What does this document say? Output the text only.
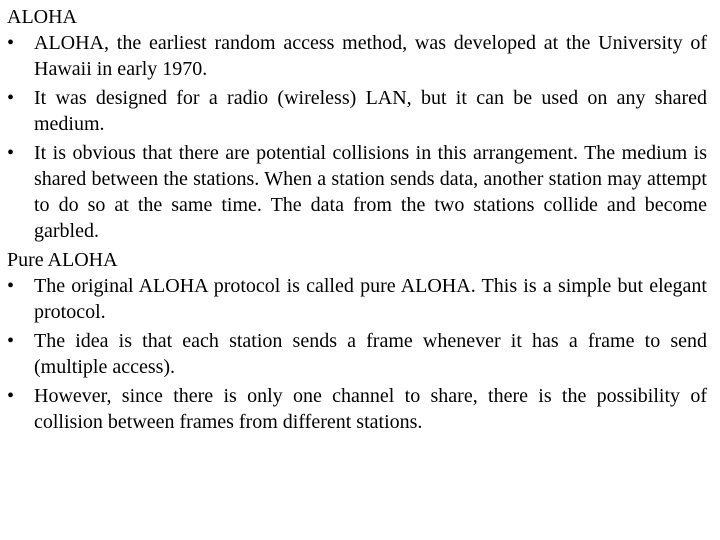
ALOHA
• ALOHA, the earliest random access method, was developed at the University of Hawaii in early 1970.
• It was designed for a radio (wireless) LAN, but it can be used on any shared medium.
• It is obvious that there are potential collisions in this arrangement. The medium is shared between the stations. When a station sends data, another station may attempt to do so at the same time. The data from the two stations collide and become garbled.
Pure ALOHA
• The original ALOHA protocol is called pure ALOHA. This is a simple but elegant protocol.
• The idea is that each station sends a frame whenever it has a frame to send (multiple access).
• However, since there is only one channel to share, there is the possibility of collision between frames from different stations.
